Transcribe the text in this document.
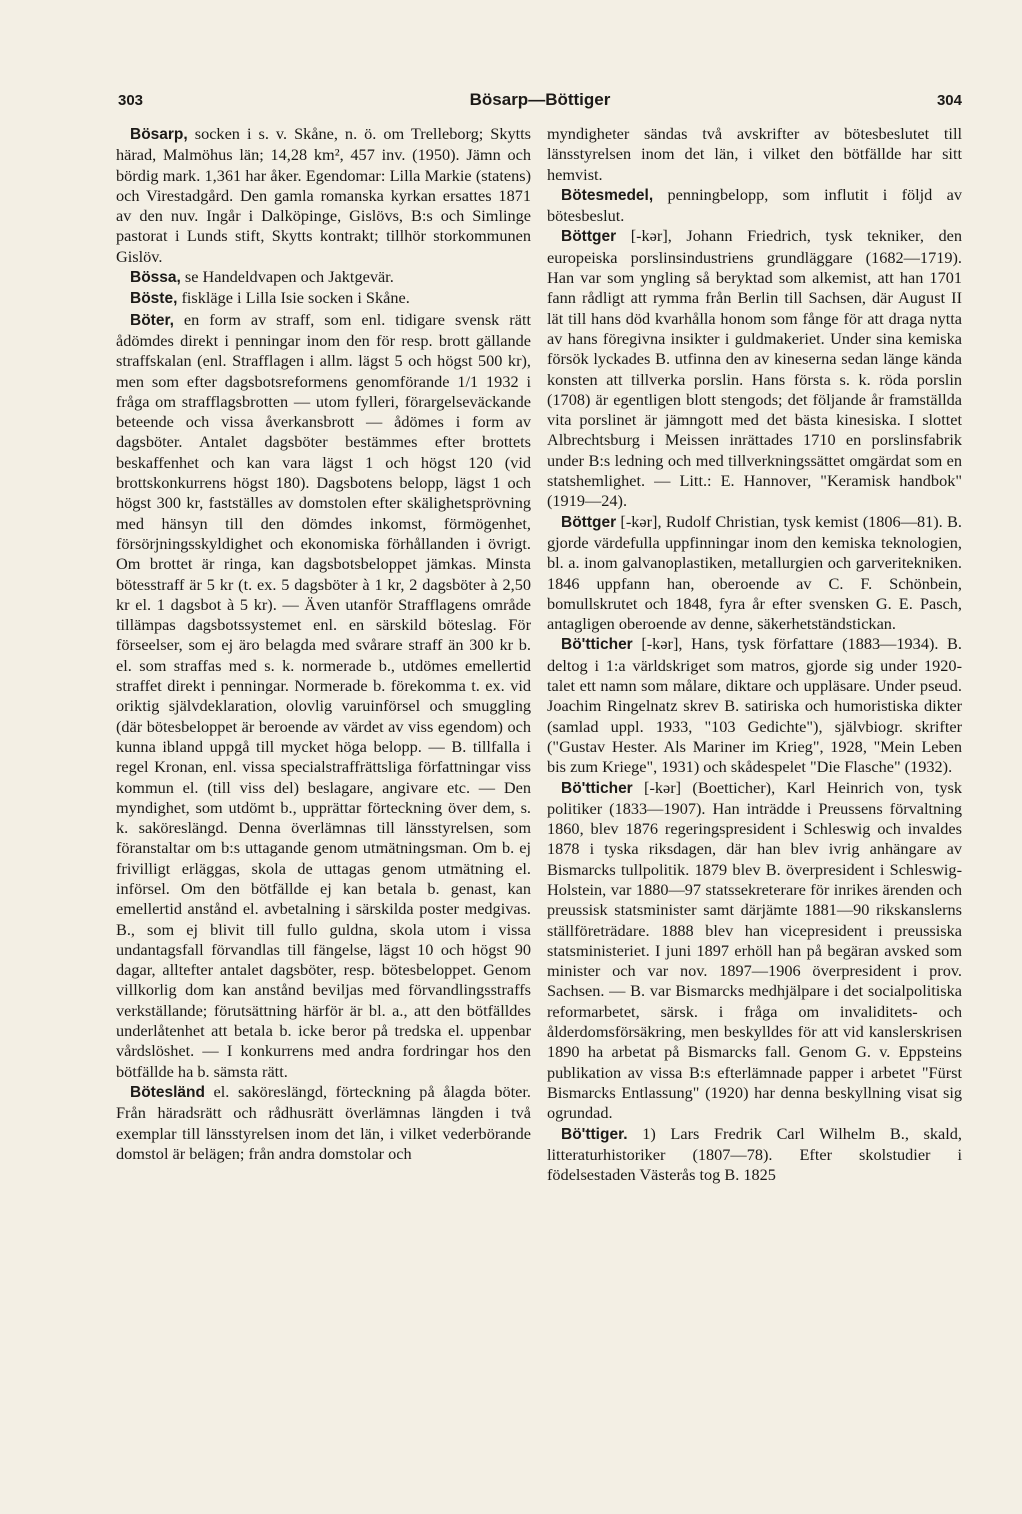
303	Bösarp—Böttiger	304

Bösarp, socken i s. v. Skåne, n. ö. om Trelleborg; Skytts härad, Malmöhus län; 14,28 km², 457 inv. (1950). Jämn och bördig mark. 1,361 har åker. Egendomar: Lilla Markie (statens) och Virestadgård. Den gamla romanska kyrkan ersattes 1871 av den nuv. Ingår i Dalköpinge, Gislövs, B:s och Simlinge pastorat i Lunds stift, Skytts kontrakt; tillhör storkommunen Gislöv.

Bössa, se Handeldvapen och Jaktgevär.

Böste, fiskläge i Lilla Isie socken i Skåne.

Böter, en form av straff, som enl. tidigare svensk rätt ådömdes direkt i penningar inom den för resp. brott gällande straffskalan (enl. Strafflagen i allm. lägst 5 och högst 500 kr), men som efter dagsbotsreformens genomförande 1/1 1932 i fråga om strafflagsbrotten — utom fylleri, förargelseväckande beteende och vissa åverkansbrott — ådömes i form av dagsböter. Antalet dagsböter bestämmes efter brottets beskaffenhet och kan vara lägst 1 och högst 120 (vid brottskonkurrens högst 180). Dagsbotens belopp, lägst 1 och högst 300 kr, fastställes av domstolen efter skälighetsprövning med hänsyn till den dömdes inkomst, förmögenhet, försörjningsskyldighet och ekonomiska förhållanden i övrigt. Om brottet är ringa, kan dagsbotsbeloppet jämkas. Minsta bötesstraff är 5 kr (t. ex. 5 dagsböter à 1 kr, 2 dagsböter à 2,50 kr el. 1 dagsbot à 5 kr). — Även utanför Strafflagens område tillämpas dagsbotssystemet enl. en särskild böteslag. För förseelser, som ej äro belagda med svårare straff än 300 kr b. el. som straffas med s. k. normerade b., utdömes emellertid straffet direkt i penningar. Normerade b. förekomma t. ex. vid oriktig självdeklaration, olovlig varuinförsel och smuggling (där bötesbeloppet är beroende av värdet av viss egendom) och kunna ibland uppgå till mycket höga belopp. — B. tillfalla i regel Kronan, enl. vissa specialstraffrättsliga författningar viss kommun el. (till viss del) beslagare, angivare etc. — Den myndighet, som utdömt b., upprättar förteckning över dem, s. k. saköreslängd. Denna överlämnas till länsstyrelsen, som föranstaltar om b:s uttagande genom utmätningsman. Om b. ej frivilligt erläggas, skola de uttagas genom utmätning el. införsel. Om den bötfällde ej kan betala b. genast, kan emellertid anstånd el. avbetalning i särskilda poster medgivas. B., som ej blivit till fullo guldna, skola utom i vissa undantagsfall förvandlas till fängelse, lägst 10 och högst 90 dagar, alltefter antalet dagsböter, resp. bötesbeloppet. Genom villkorlig dom kan anstånd beviljas med förvandlingsstraffs verkställande; förutsättning härför är bl. a., att den bötfälldes underlåtenhet att betala b. icke beror på tredska el. uppenbar vårdslöshet. — I konkurrens med andra fordringar hos den bötfällde ha b. sämsta rätt.

Bötesländ el. saköreslängd, förteckning på ålagda böter. Från häradsrätt och rådhusrätt överlämnas längden i två exemplar till länsstyrelsen inom det län, i vilket vederbörande domstol är belägen; från andra domstolar och

myndigheter sändas två avskrifter av bötesbeslutet till länsstyrelsen inom det län, i vilket den bötfällde har sitt hemvist.

Bötesmedel, penningbelopp, som influtit i följd av bötesbeslut.

Böttger [-kər], Johann Friedrich, tysk tekniker, den europeiska porslinsindustriens grundläggare (1682—1719). Han var som yngling så beryktad som alkemist, att han 1701 fann rådligt att rymma från Berlin till Sachsen, där August II lät till hans död kvarhålla honom som fånge för att draga nytta av hans föregivna insikter i guldmakeriet. Under sina kemiska försök lyckades B. utfinna den av kineserna sedan länge kända konsten att tillverka porslin. Hans första s. k. röda porslin (1708) är egentligen blott stengods; det följande år framställda vita porslinet är jämngott med det bästa kinesiska. I slottet Albrechtsburg i Meissen inrättades 1710 en porslinsfabrik under B:s ledning och med tillverkningssättet omgärdat som en statshemlighet. — Litt.: E. Hannover, "Keramisk handbok" (1919—24).

Böttger [-kər], Rudolf Christian, tysk kemist (1806—81). B. gjorde värdefulla uppfinningar inom den kemiska teknologien, bl. a. inom galvanoplastiken, metallurgien och garveritekniken. 1846 uppfann han, oberoende av C. F. Schönbein, bomullskrutet och 1848, fyra år efter svensken G. E. Pasch, antagligen oberoende av denne, säkerhetständstickan.

Bö'tticher [-kər], Hans, tysk författare (1883—1934). B. deltog i 1:a världskriget som matros, gjorde sig under 1920-talet ett namn som målare, diktare och uppläsare. Under pseud. Joachim Ringelnatz skrev B. satiriska och humoristiska dikter (samlad uppl. 1933, "103 Gedichte"), självbiogr. skrifter ("Gustav Hester. Als Mariner im Krieg", 1928, "Mein Leben bis zum Kriege", 1931) och skådespelet "Die Flasche" (1932).

Bö'tticher [-kər] (Boetticher), Karl Heinrich von, tysk politiker (1833—1907). Han inträdde i Preussens förvaltning 1860, blev 1876 regeringspresident i Schleswig och invaldes 1878 i tyska riksdagen, där han blev ivrig anhängare av Bismarcks tullpolitik. 1879 blev B. överpresident i Schleswig-Holstein, var 1880—97 statssekreterare för inrikes ärenden och preussisk statsminister samt därjämte 1881—90 rikskanslerns ställföreträdare. 1888 blev han vicepresident i preussiska statsministeriet. I juni 1897 erhöll han på begäran avsked som minister och var nov. 1897—1906 överpresident i prov. Sachsen. — B. var Bismarcks medhjälpare i det socialpolitiska reformarbetet, särsk. i fråga om invaliditets- och ålderdomsförsäkring, men beskylldes för att vid kanslerskrisen 1890 ha arbetat på Bismarcks fall. Genom G. v. Eppsteins publikation av vissa B:s efterlämnade papper i arbetet "Fürst Bismarcks Entlassung" (1920) har denna beskyllning visat sig ogrundad.

Bö'ttiger. 1) Lars Fredrik Carl Wilhelm B., skald, litteraturhistoriker (1807—78). Efter skolstudier i födelsestaden Västerås tog B. 1825
